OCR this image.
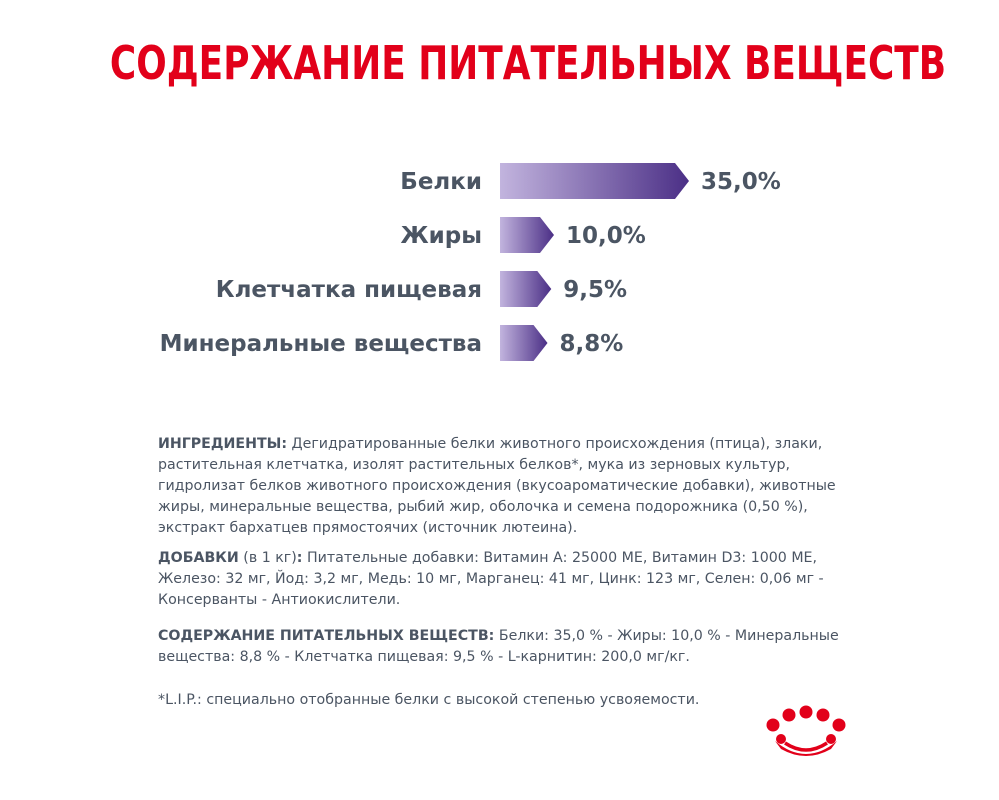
СОДЕРЖАНИЕ ПИТАТЕЛЬНЫХ ВЕЩЕСТВ
Белки	35,0%
Жиры	10,0%
Клетчатка пищевая	9,5%
Минеральные вещества	8,8%
ИНГРЕДИЕНТЫ: Дегидратированные белки животного происхождения (птица), злаки, растительная клетчатка, изолят растительных белков*, мука из зерновых культур, гидролизат белков животного происхождения (вкусоароматические добавки), животные жиры, минеральные вещества, рыбий жир, оболочка и семена подорожника (0,50 %), экстракт бархатцев прямостоячих (источник лютеина).
ДОБАВКИ (в 1 кг): Питательные добавки: Витамин А: 25000 МЕ, Витамин D3: 1000 МЕ, Железо: 32 мг, Йод: 3,2 мг, Медь: 10 мг, Марганец: 41 мг, Цинк: 123 мг, Селен: 0,06 мг - Консерванты - Антиокислители.
СОДЕРЖАНИЕ ПИТАТЕЛЬНЫХ ВЕЩЕСТВ: Белки: 35,0 % - Жиры: 10,0 % - Минеральные вещества: 8,8 % - Клетчатка пищевая: 9,5 % - L-карнитин: 200,0 мг/кг.
*L.I.P.: специально отобранные белки с высокой степенью усвояемости.
